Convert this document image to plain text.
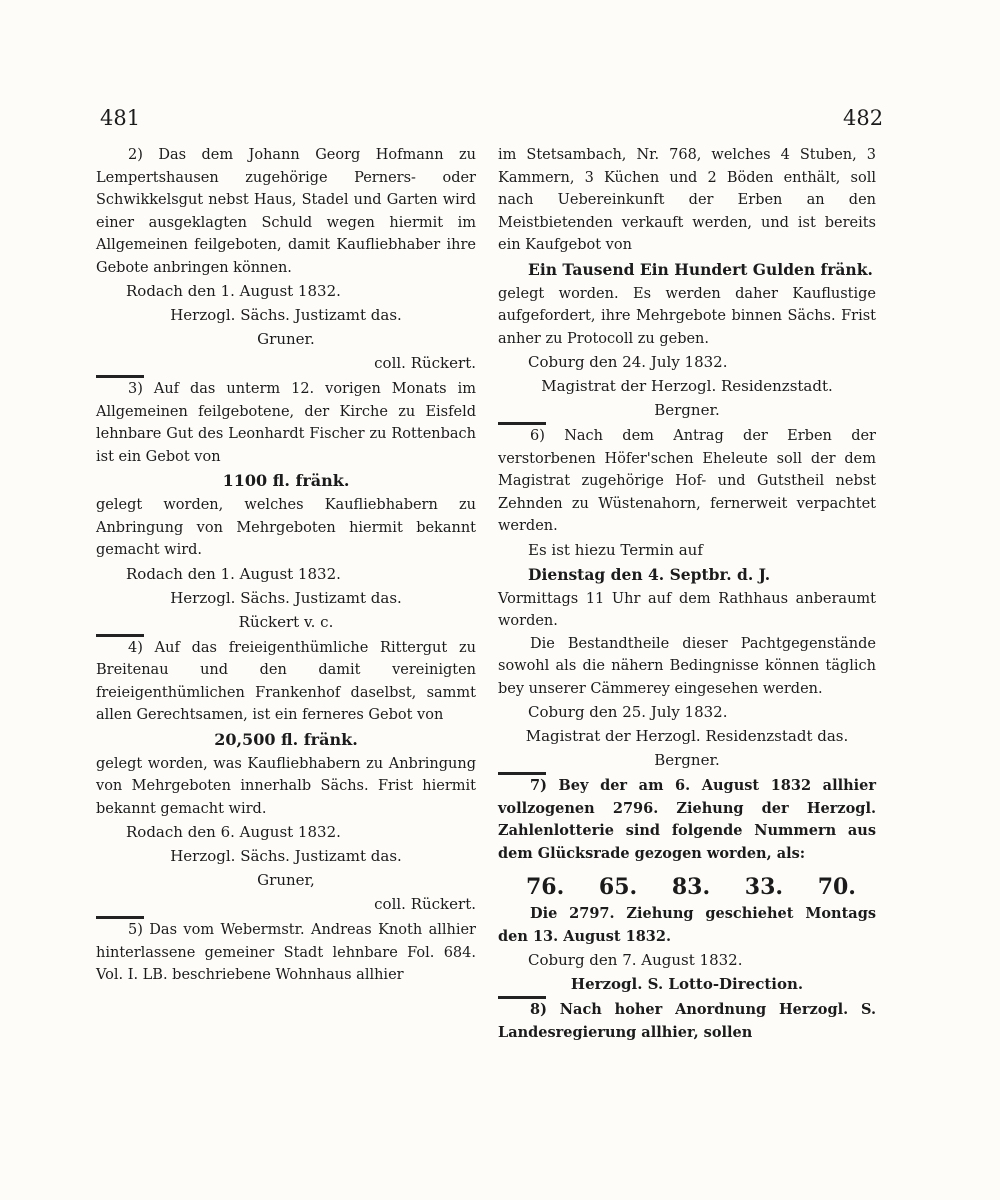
481	482

2) Das dem Johann Georg Hofmann zu Lempertshausen zugehörige Perners- oder Schwikkelsgut nebst Haus, Stadel und Garten wird einer ausgeklagten Schuld wegen hiermit im Allgemeinen feilgeboten, damit Kaufliebhaber ihre Gebote anbringen können.

Rodach den 1. August 1832.
Herzogl. Sächs. Justizamt das.
Gruner.
coll. Rückert.

3) Auf das unterm 12. vorigen Monats im Allgemeinen feilgebotene, der Kirche zu Eisfeld lehnbare Gut des Leonhardt Fischer zu Rottenbach ist ein Gebot von

1100 fl. fränk.

gelegt worden, welches Kaufliebhabern zu Anbringung von Mehrgeboten hiermit bekannt gemacht wird.

Rodach den 1. August 1832.
Herzogl. Sächs. Justizamt das.
Rückert v. c.

4) Auf das freieigenthümliche Rittergut zu Breitenau und den damit vereinigten freieigenthümlichen Frankenhof daselbst, sammt allen Gerechtsamen, ist ein ferneres Gebot von

20,500 fl. fränk.

gelegt worden, was Kaufliebhabern zu Anbringung von Mehrgeboten innerhalb Sächs. Frist hiermit bekannt gemacht wird.

Rodach den 6. August 1832.
Herzogl. Sächs. Justizamt das.
Gruner,
coll. Rückert.

5) Das vom Webermstr. Andreas Knoth allhier hinterlassene gemeiner Stadt lehnbare Fol. 684. Vol. I. LB. beschriebene Wohnhaus allhier

im Stetsambach, Nr. 768, welches 4 Stuben, 3 Kammern, 3 Küchen und 2 Böden enthält, soll nach Uebereinkunft der Erben an den Meistbietenden verkauft werden, und ist bereits ein Kaufgebot von

Ein Tausend Ein Hundert Gulden fränk.

gelegt worden. Es werden daher Kauflustige aufgefordert, ihre Mehrgebote binnen Sächs. Frist anher zu Protocoll zu geben.

Coburg den 24. July 1832.
Magistrat der Herzogl. Residenzstadt.
Bergner.

6) Nach dem Antrag der Erben der verstorbenen Höfer'schen Eheleute soll der dem Magistrat zugehörige Hof- und Gutstheil nebst Zehnden zu Wüstenahorn, fernerweit verpachtet werden.

Es ist hiezu Termin auf
Dienstag den 4. Septbr. d. J.

Vormittags 11 Uhr auf dem Rathhaus anberaumt worden.

Die Bestandtheile dieser Pachtgegenstände sowohl als die nähern Bedingnisse können täglich bey unserer Cämmerey eingesehen werden.

Coburg den 25. July 1832.
Magistrat der Herzogl. Residenzstadt das.
Bergner.

7) Bey der am 6. August 1832 allhier vollzogenen 2796. Ziehung der Herzogl. Zahlenlotterie sind folgende Nummern aus dem Glücksrade gezogen worden, als:

76. 65. 83. 33. 70.

Die 2797. Ziehung geschiehet Montags den 13. August 1832.

Coburg den 7. August 1832.
Herzogl. S. Lotto-Direction.

8) Nach hoher Anordnung Herzogl. S. Landesregierung allhier, sollen
